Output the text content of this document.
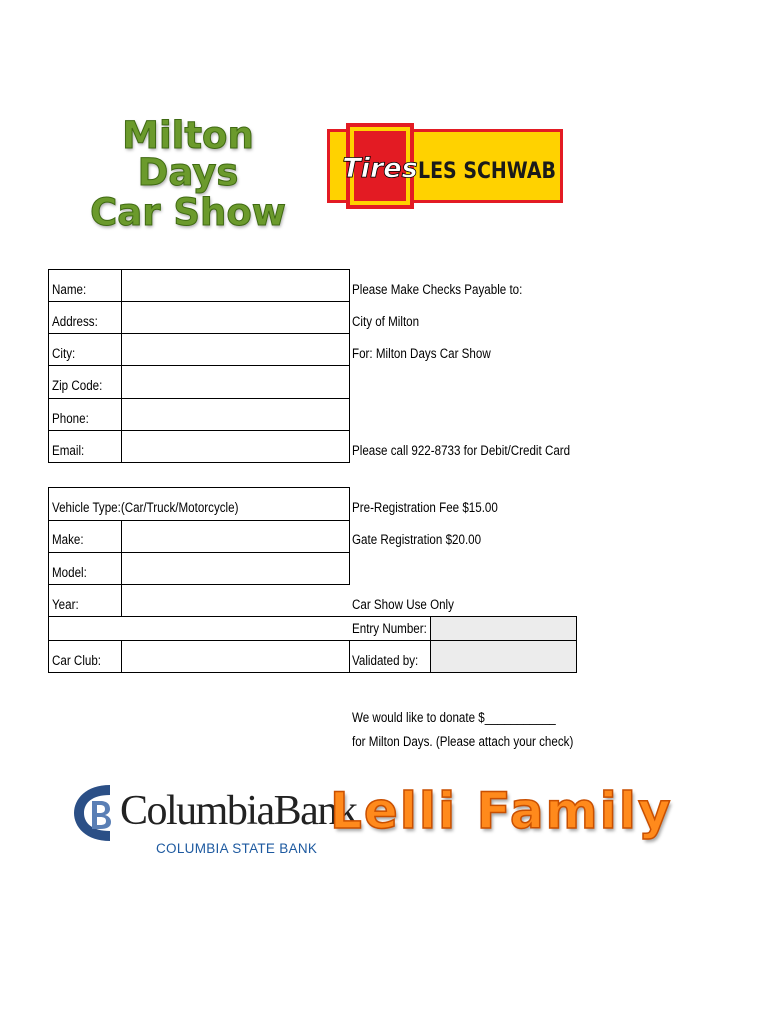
Milton Days
Car Show
Tires LES SCHWAB
Name:
Address:
City:
Zip Code:
Phone:
Email:
Please Make Checks Payable to:
City of Milton
For: Milton Days Car Show
Please call 922-8733 for Debit/Credit Card
Vehicle Type:(Car/Truck/Motorcycle)
Make:
Model:
Year:
Car Club:
Pre-Registration Fee $15.00
Gate Registration $20.00
Car Show Use Only
Entry Number:
Validated by:
We would like to donate $___________
for Milton Days. (Please attach your check)
ColumbiaBank
COLUMBIA STATE BANK
Lelli Family
